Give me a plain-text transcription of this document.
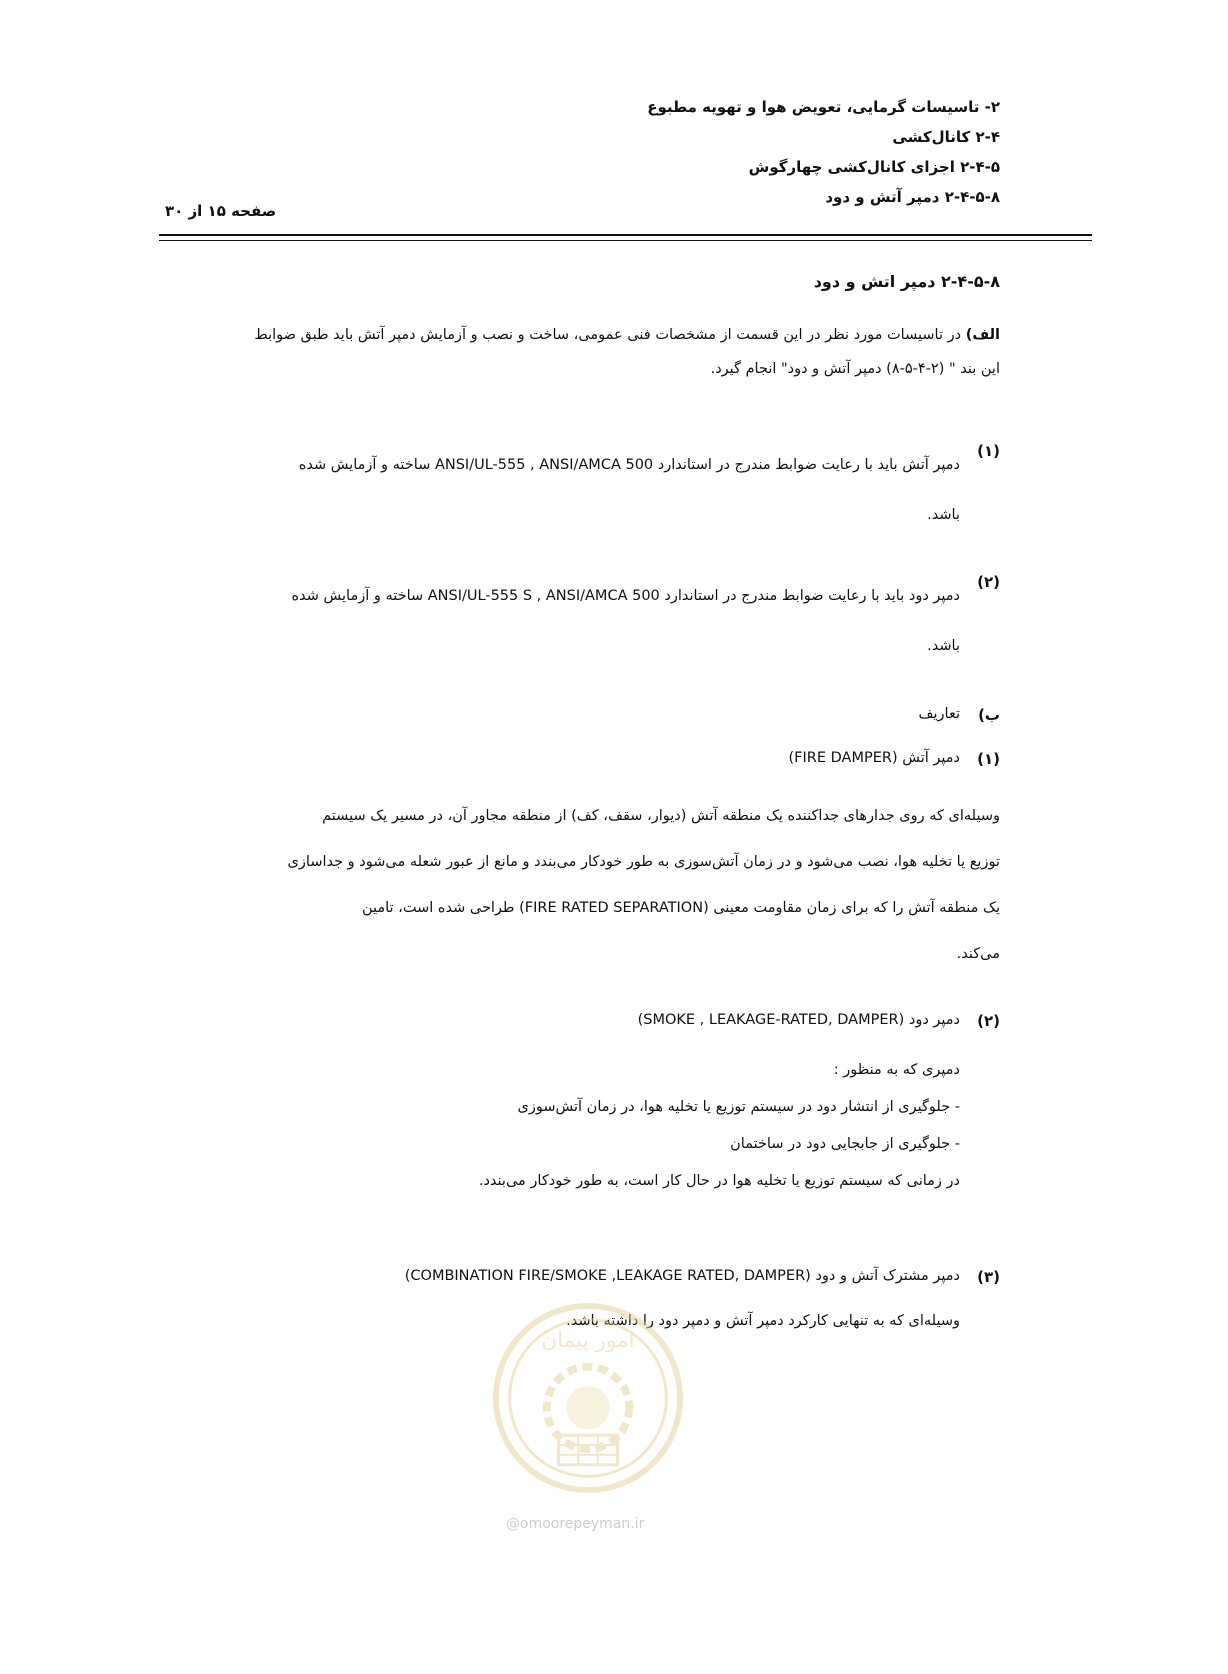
۲- تاسیسات گرمایی، تعویض هوا و تهویه مطبوع
۲-۴ کانال‌کشی
۲-۴-۵ اجزای کانال‌کشی چهارگوش
۲-۴-۵-۸ دمپر آتش و دود
صفحه ۱۵ از ۳۰
۲-۴-۵-۸ دمپر اتش و دود
الف) در تاسیسات مورد نظر در این قسمت از مشخصات فنی عمومی، ساخت و نصب و آزمایش دمپر آتش باید طبق ضوابط
این بند " (۲-۴-۵-۸) دمپر آتش و دود" انجام گیرد.
(۱)
دمپر آتش باید با رعایت ضوابط مندرج در استاندارد ANSI/UL-555 , ANSI/AMCA 500 ساخته و آزمایش شده
باشد.
(۲)
دمپر دود باید با رعایت ضوابط مندرج در استاندارد ANSI/UL-555 S , ANSI/AMCA 500 ساخته و آزمایش شده
باشد.
ب)
تعاریف
(۱)
دمپر آتش (FIRE DAMPER)
وسیله‌ای که روی جدارهای جداکننده یک منطقه آتش (دیوار، سقف، کف) از منطقه مجاور آن، در مسیر یک سیستم
توزیع یا تخلیه هوا، نصب می‌شود و در زمان آتش‌سوزی به طور خودکار می‌بندد و مانع از عبور شعله می‌شود و جداسازی
یک منطقه آتش را که برای زمان مقاومت معینی (FIRE RATED SEPARATION) طراحی شده است، تامین
می‌کند.
(۲)
دمپر دود (SMOKE , LEAKAGE-RATED, DAMPER)
دمپری که به منظور :
- جلوگیری از انتشار دود در سیستم توزیع یا تخلیه هوا، در زمان آتش‌سوزی
- جلوگیری از جابجایی دود در ساختمان
در زمانی که سیستم توزیع یا تخلیه هوا در حال کار است، به طور خودکار می‌بندد.
(۳)
دمپر مشترک آتش و دود (COMBINATION FIRE/SMOKE ,LEAKAGE RATED, DAMPER)
وسیله‌ای که به تنهایی کارکرد دمپر آتش و دمپر دود را داشته باشد.
امور پیمان
@omoorepeyman.ir
